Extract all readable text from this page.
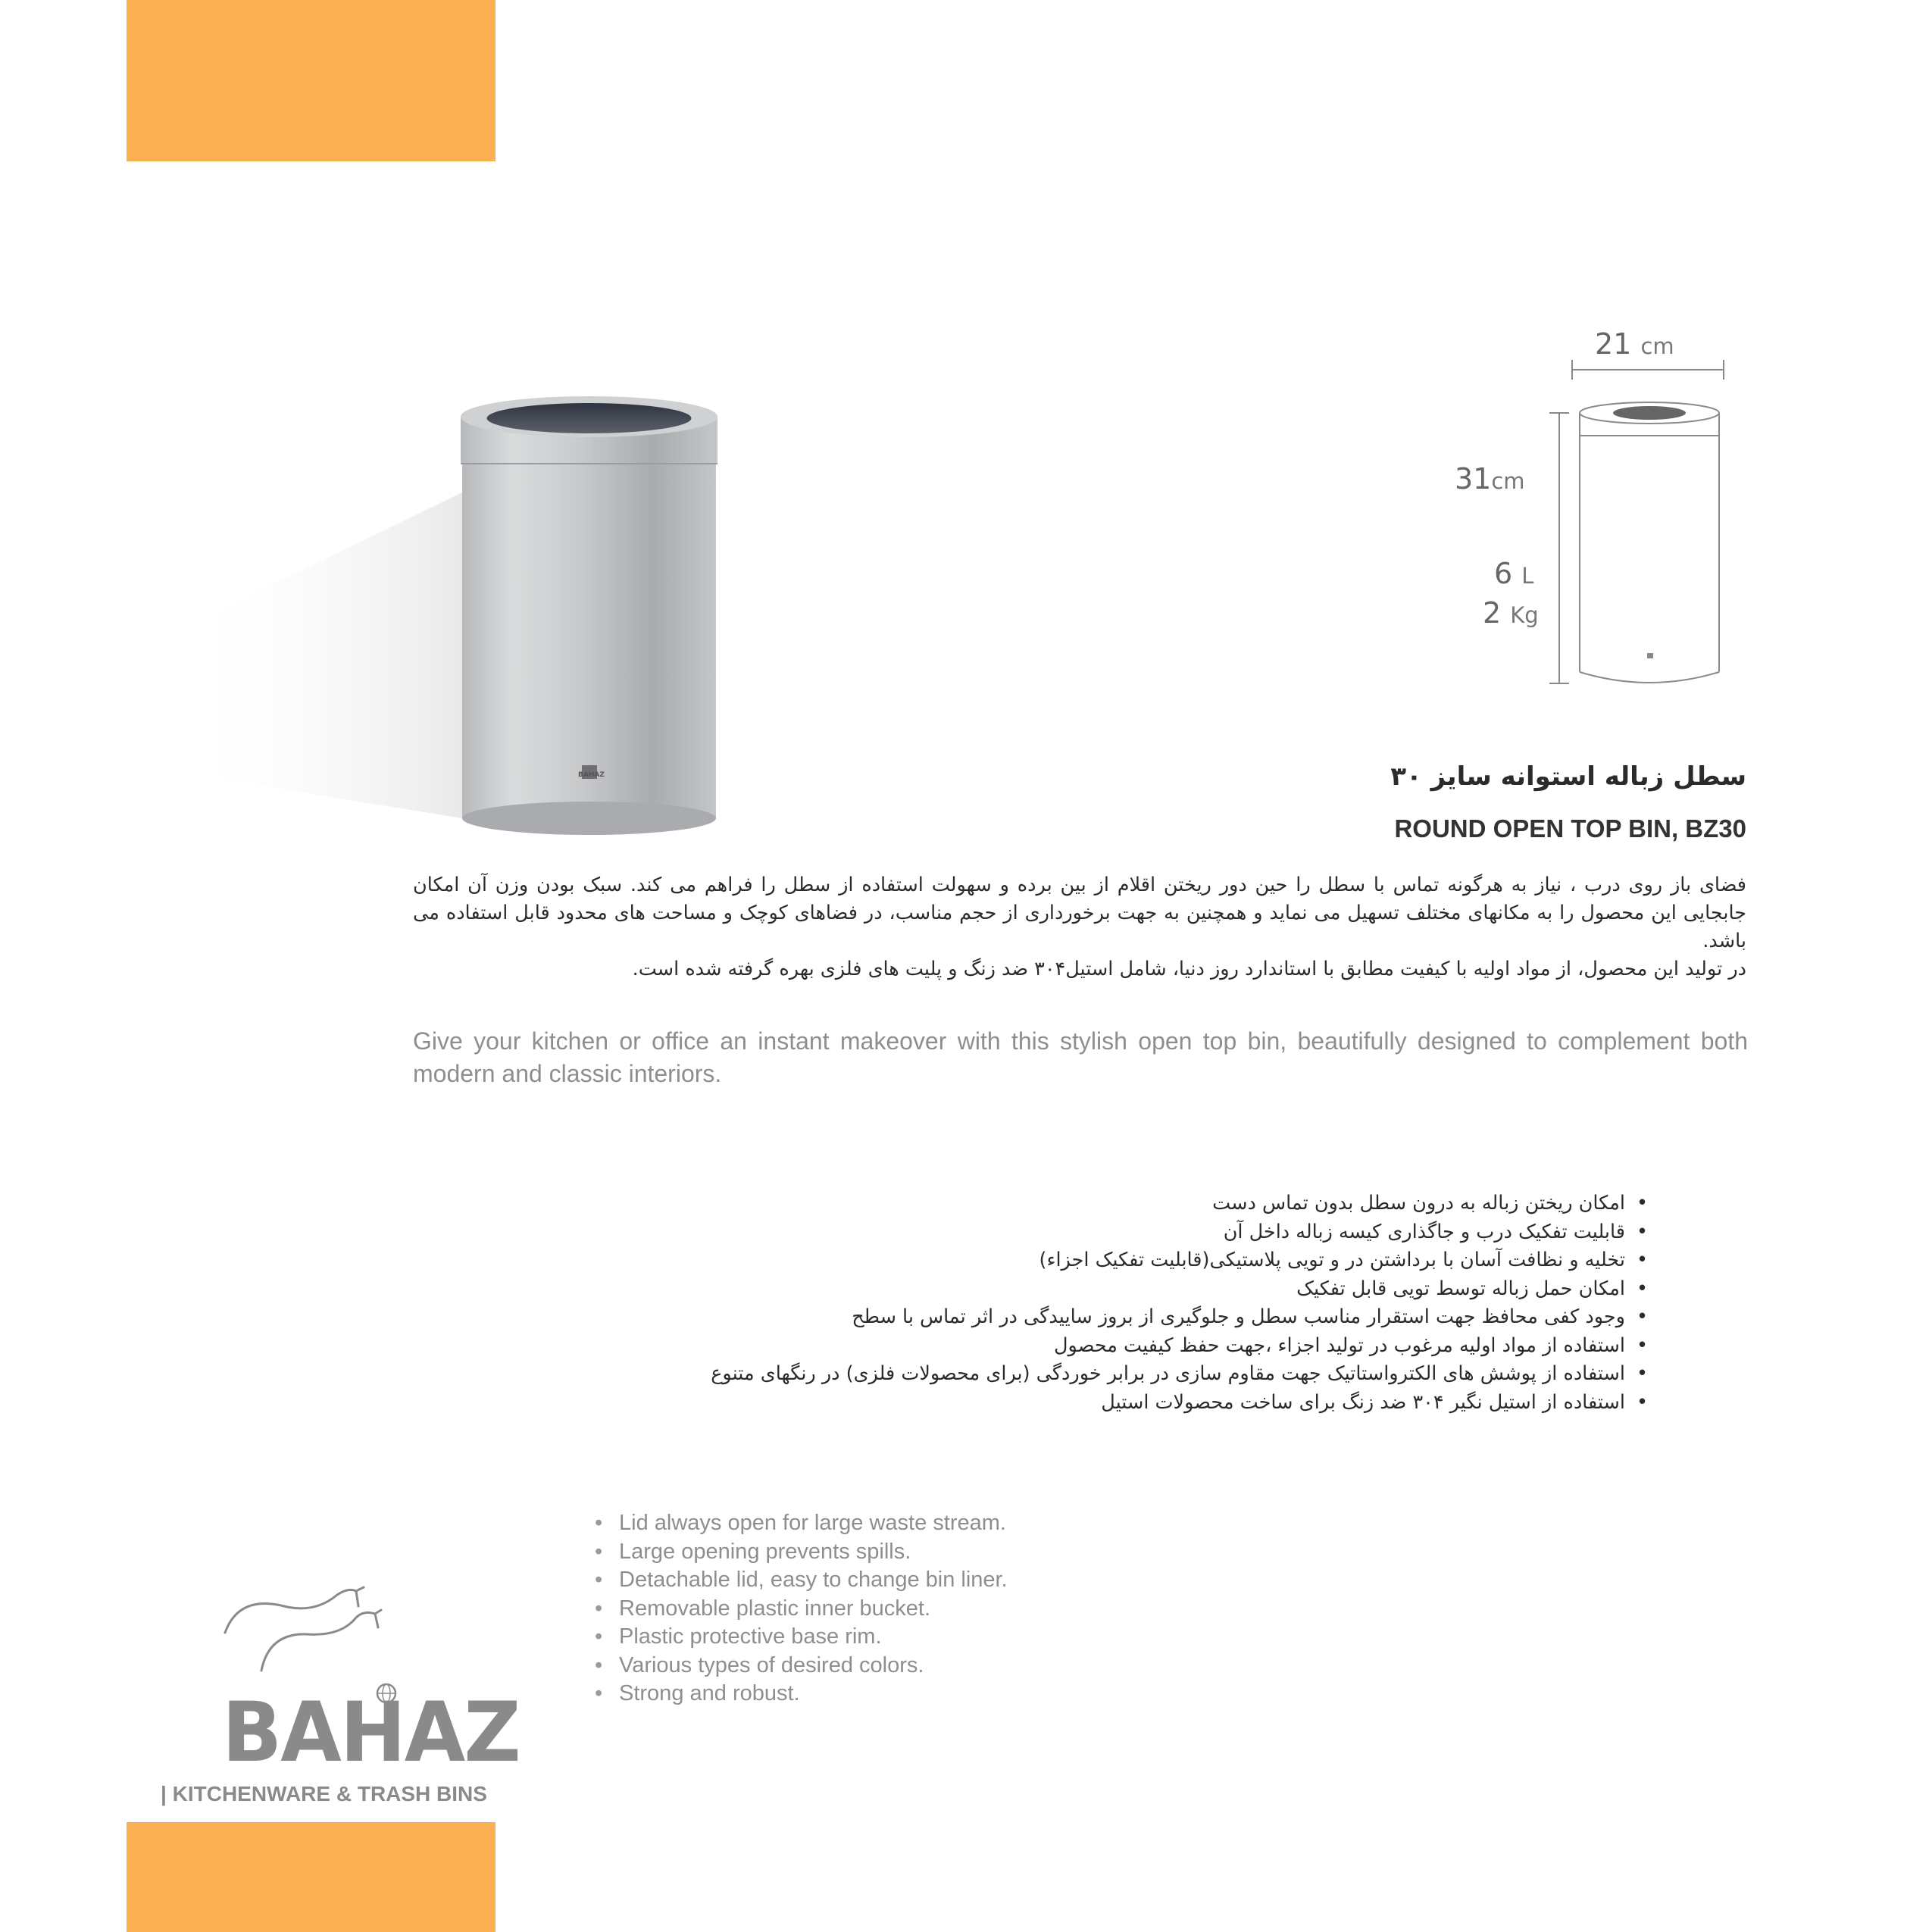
BAHAZ
21 cm
31cm
6 L
2 Kg
سطل زباله استوانه سایز ۳۰
ROUND OPEN TOP BIN, BZ30

فضای باز روی درب ، نیاز به هرگونه تماس با سطل را حین دور ریختن اقلام از بین برده و سهولت استفاده از سطل را فراهم می کند. سبک بودن وزن آن امکان جابجایی این محصول را به مکانهای مختلف تسهیل می نماید و همچنین به جهت برخورداری از حجم مناسب، در فضاهای کوچک و مساحت های محدود قابل استفاده می باشد.

در تولید این محصول، از مواد اولیه با کیفیت مطابق با استاندارد روز دنیا، شامل استیل۳۰۴ ضد زنگ و پلیت های فلزی بهره گرفته شده است.

Give your kitchen or office an instant makeover with this stylish open top bin, beautifully designed to complement both modern and classic interiors.
• امکان ریختن زباله به درون سطل بدون تماس دست
• قابلیت تفکیک درب و جاگذاری کیسه زباله داخل آن
• تخلیه و نظافت آسان با برداشتن در و تویی پلاستیکی(قابلیت تفکیک اجزاء)
• امکان حمل زباله توسط تویی قابل تفکیک
• وجود کفی محافظ جهت استقرار مناسب سطل و جلوگیری از بروز ساییدگی در اثر تماس با سطح
• استفاده از مواد اولیه مرغوب در تولید اجزاء ،جهت حفظ کیفیت محصول
• استفاده از پوشش های الکترواستاتیک جهت مقاوم سازی در برابر خوردگی (برای محصولات فلزی) در رنگهای متنوع
• استفاده از استیل نگیر ۳۰۴ ضد زنگ برای ساخت محصولات استیل
• Lid always open for large waste stream.
• Large opening prevents spills.
• Detachable lid, easy to change bin liner.
• Removable plastic inner bucket.
• Plastic protective base rim.
• Various types of desired colors.
• Strong and robust.
BAHAZ
| KITCHENWARE & TRASH BINS
